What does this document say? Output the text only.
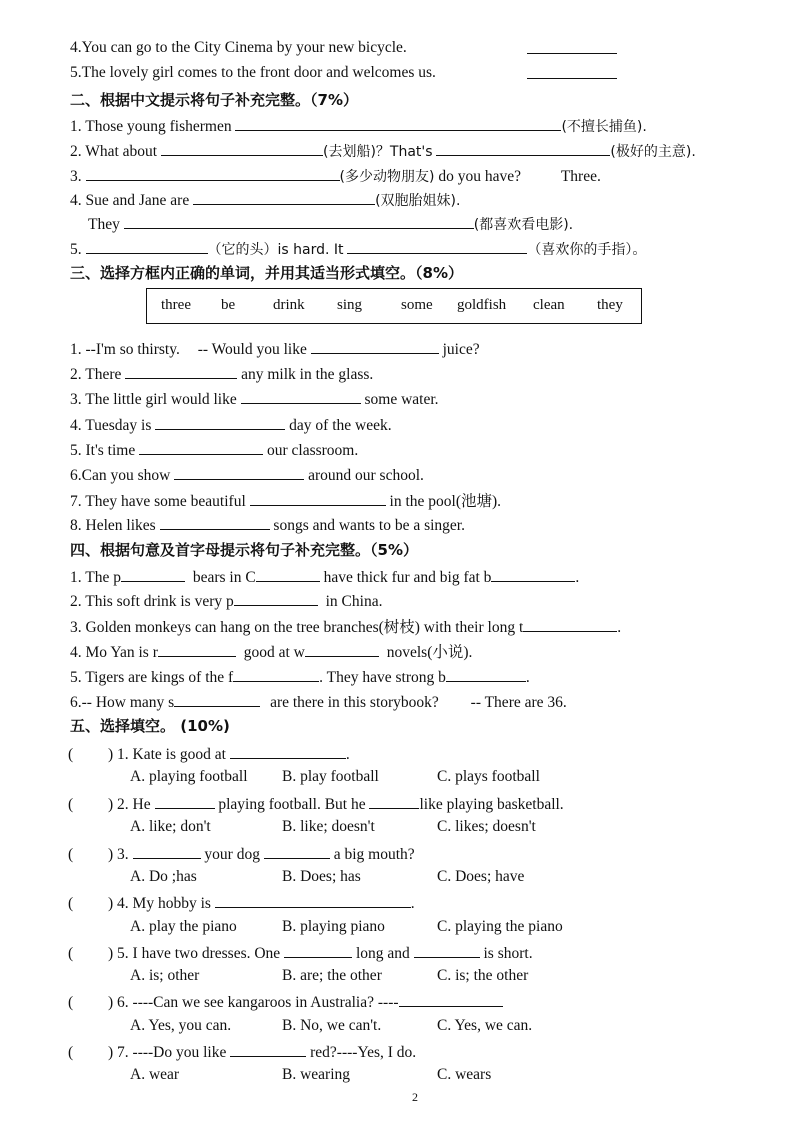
4.You can go to the City Cinema by your new bicycle.
5.The lovely girl comes to the front door and welcomes us.
二、根据中文提示将句子补充完整。（7%）
1. Those young fishermen	(不擅长捕鱼).
2. What about	(去划船)？That's	(极好的主意).
3.	(多少动物朋友) do you have?	Three.
4. Sue and Jane are	(双胞胎姐妹).
They	(都喜欢看电影).
5.	（它的头）is hard. It	（喜欢你的手指）。
三、选择方框内正确的单词，并用其适当形式填空。（8%）
three be	drink sing	some goldfish clean they
1. --I'm so thirsty. -- Would you like	juice?
2. There	any milk in the glass.
3. The little girl would like	some water.
4. Tuesday is	day of the week.
5. It's time	our classroom.
6.Can you show	around our school.
7. They have some beautiful	in the pool(池塘).
8. Helen likes	songs and wants to be a singer.
四、根据句意及首字母提示将句子补充完整。（5%）
1. The p	bears in C	have thick fur and big fat b	.
2. This soft drink is very p	in China.
3. Golden monkeys can hang on the tree branches(树枝) with their long t	.
4. Mo Yan is r	good at w	novels(小说).
5. Tigers are kings of the f	. They have strong b	.
6.-- How many s	are there in this storybook? -- There are 36.
五、选择填空。 (10%)
( ) 1. Kate is good at	.
A. playing football B. play football	C. plays football
( ) 2. He	playing football. But he	like playing basketball.
A. like; don't	B. like; doesn't	C. likes; doesn't
( ) 3.	your dog	a big mouth?
A. Do ;has	B. Does; has	C. Does; have
( ) 4. My hobby is	.
A. play the piano	B. playing piano	C. playing the piano
( ) 5. I have two dresses. One	long and	is short.
A. is; other	B. are; the other	C. is; the other
( ) 6. ----Can we see kangaroos in Australia? ----
A. Yes, you can.	B. No, we can't.	C. Yes, we can.
( ) 7. ----Do you like	red?----Yes, I do.
A. wear	B. wearing	C. wears
2
